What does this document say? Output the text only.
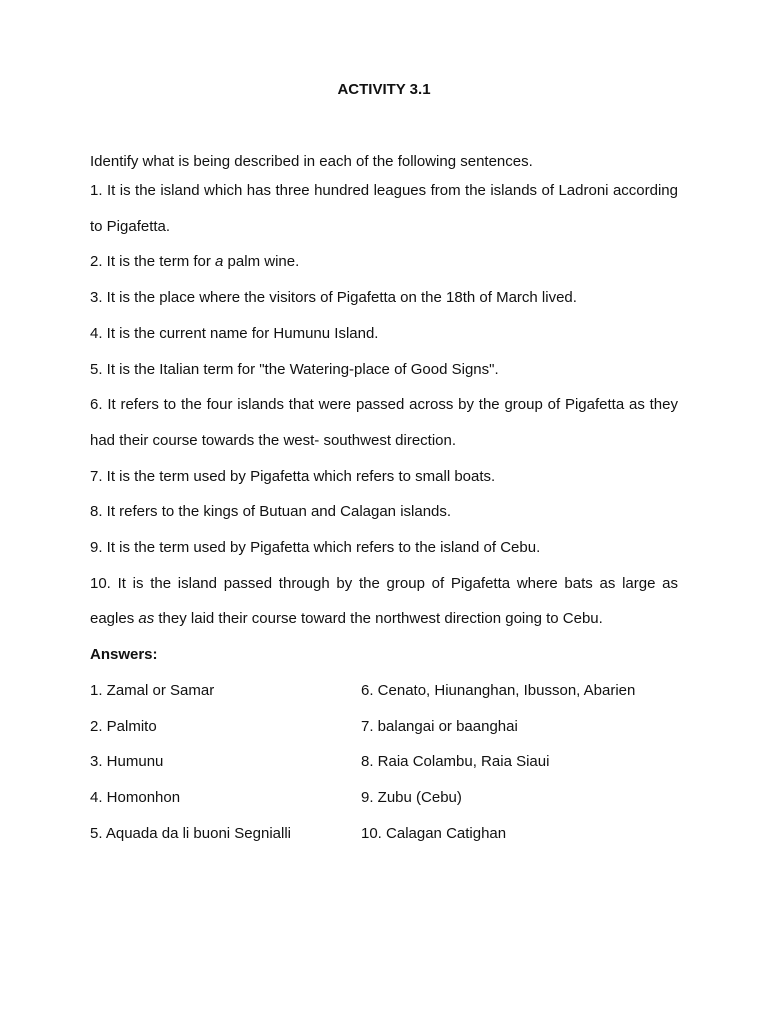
ACTIVITY 3.1

Identify what is being described in each of the following sentences.

1. It is the island which has three hundred leagues from the islands of Ladroni according to Pigafetta.
2. It is the term for a palm wine.
3. It is the place where the visitors of Pigafetta on the 18th of March lived.
4. It is the current name for Humunu Island.
5. It is the Italian term for "the Watering-place of Good Signs".
6. It refers to the four islands that were passed across by the group of Pigafetta as they had their course towards the west- southwest direction.
7. It is the term used by Pigafetta which refers to small boats.
8. It refers to the kings of Butuan and Calagan islands.
9. It is the term used by Pigafetta which refers to the island of Cebu.
10. It is the island passed through by the group of Pigafetta where bats as large as eagles as they laid their course toward the northwest direction going to Cebu.
Answers:
1. Zamal or Samar	6. Cenato, Hiunanghan, Ibusson, Abarien
2. Palmito	7. balangai or baanghai
3. Humunu	8. Raia Colambu, Raia Siaui
4. Homonhon	9. Zubu (Cebu)
5. Aquada da li buoni Segnialli	10. Calagan Catighan
